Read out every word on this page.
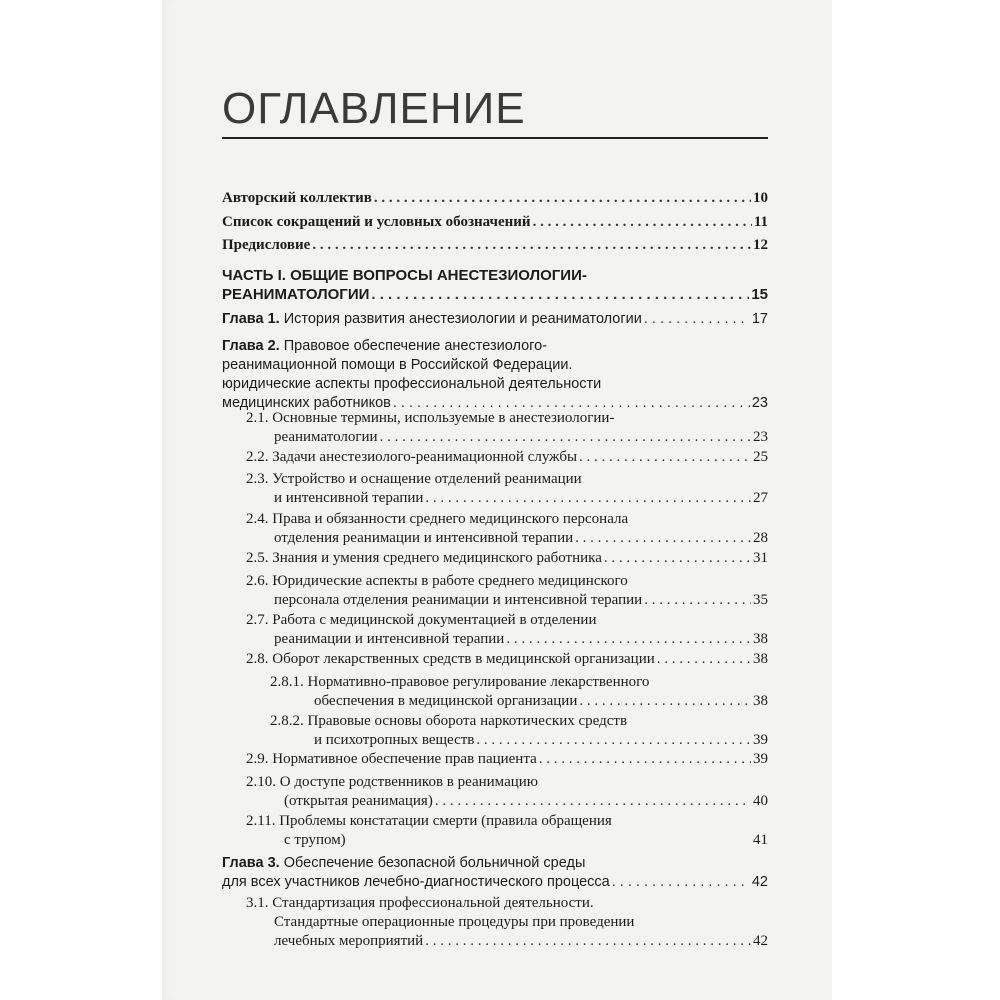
ОГЛАВЛЕНИЕ
Авторский коллектив . . .	10
Список сокращений и условных обозначений . . .	11
Предисловие . . .	12
ЧАСТЬ I. ОБЩИЕ ВОПРОСЫ АНЕСТЕЗИОЛОГИИ-
РЕАНИМАТОЛОГИИ . . .	15
Глава 1. История развития анестезиологии и реаниматологии . . .	17
Глава 2. Правовое обеспечение анестезиолого-
реанимационной помощи в Российской Федерации.
юридические аспекты профессиональной деятельности
медицинских работников . . .	23
2.1. Основные термины, используемые в анестезиологии-
реаниматологии . . .	23
2.2. Задачи анестезиолого-реанимационной службы . . .	25
2.3. Устройство и оснащение отделений реанимации
и интенсивной терапии . . .	27
2.4. Права и обязанности среднего медицинского персонала
отделения реанимации и интенсивной терапии . . .	28
2.5. Знания и умения среднего медицинского работника . . .	31
2.6. Юридические аспекты в работе среднего медицинского
персонала отделения реанимации и интенсивной терапии . . .	35
2.7. Работа с медицинской документацией в отделении
реанимации и интенсивной терапии . . .	38
2.8. Оборот лекарственных средств в медицинской организации . . .	38
2.8.1. Нормативно-правовое регулирование лекарственного
обеспечения в медицинской организации . . .	38
2.8.2. Правовые основы оборота наркотических средств
и психотропных веществ . . .	39
2.9. Нормативное обеспечение прав пациента . . .	39
2.10. О доступе родственников в реанимацию
(открытая реанимация) . . .	40
2.11. Проблемы констатации смерти (правила обращения
с трупом)	41
Глава 3. Обеспечение безопасной больничной среды
для всех участников лечебно-диагностического процесса . . .	42
3.1. Стандартизация профессиональной деятельности.
Стандартные операционные процедуры при проведении
лечебных мероприятий . . .	42
